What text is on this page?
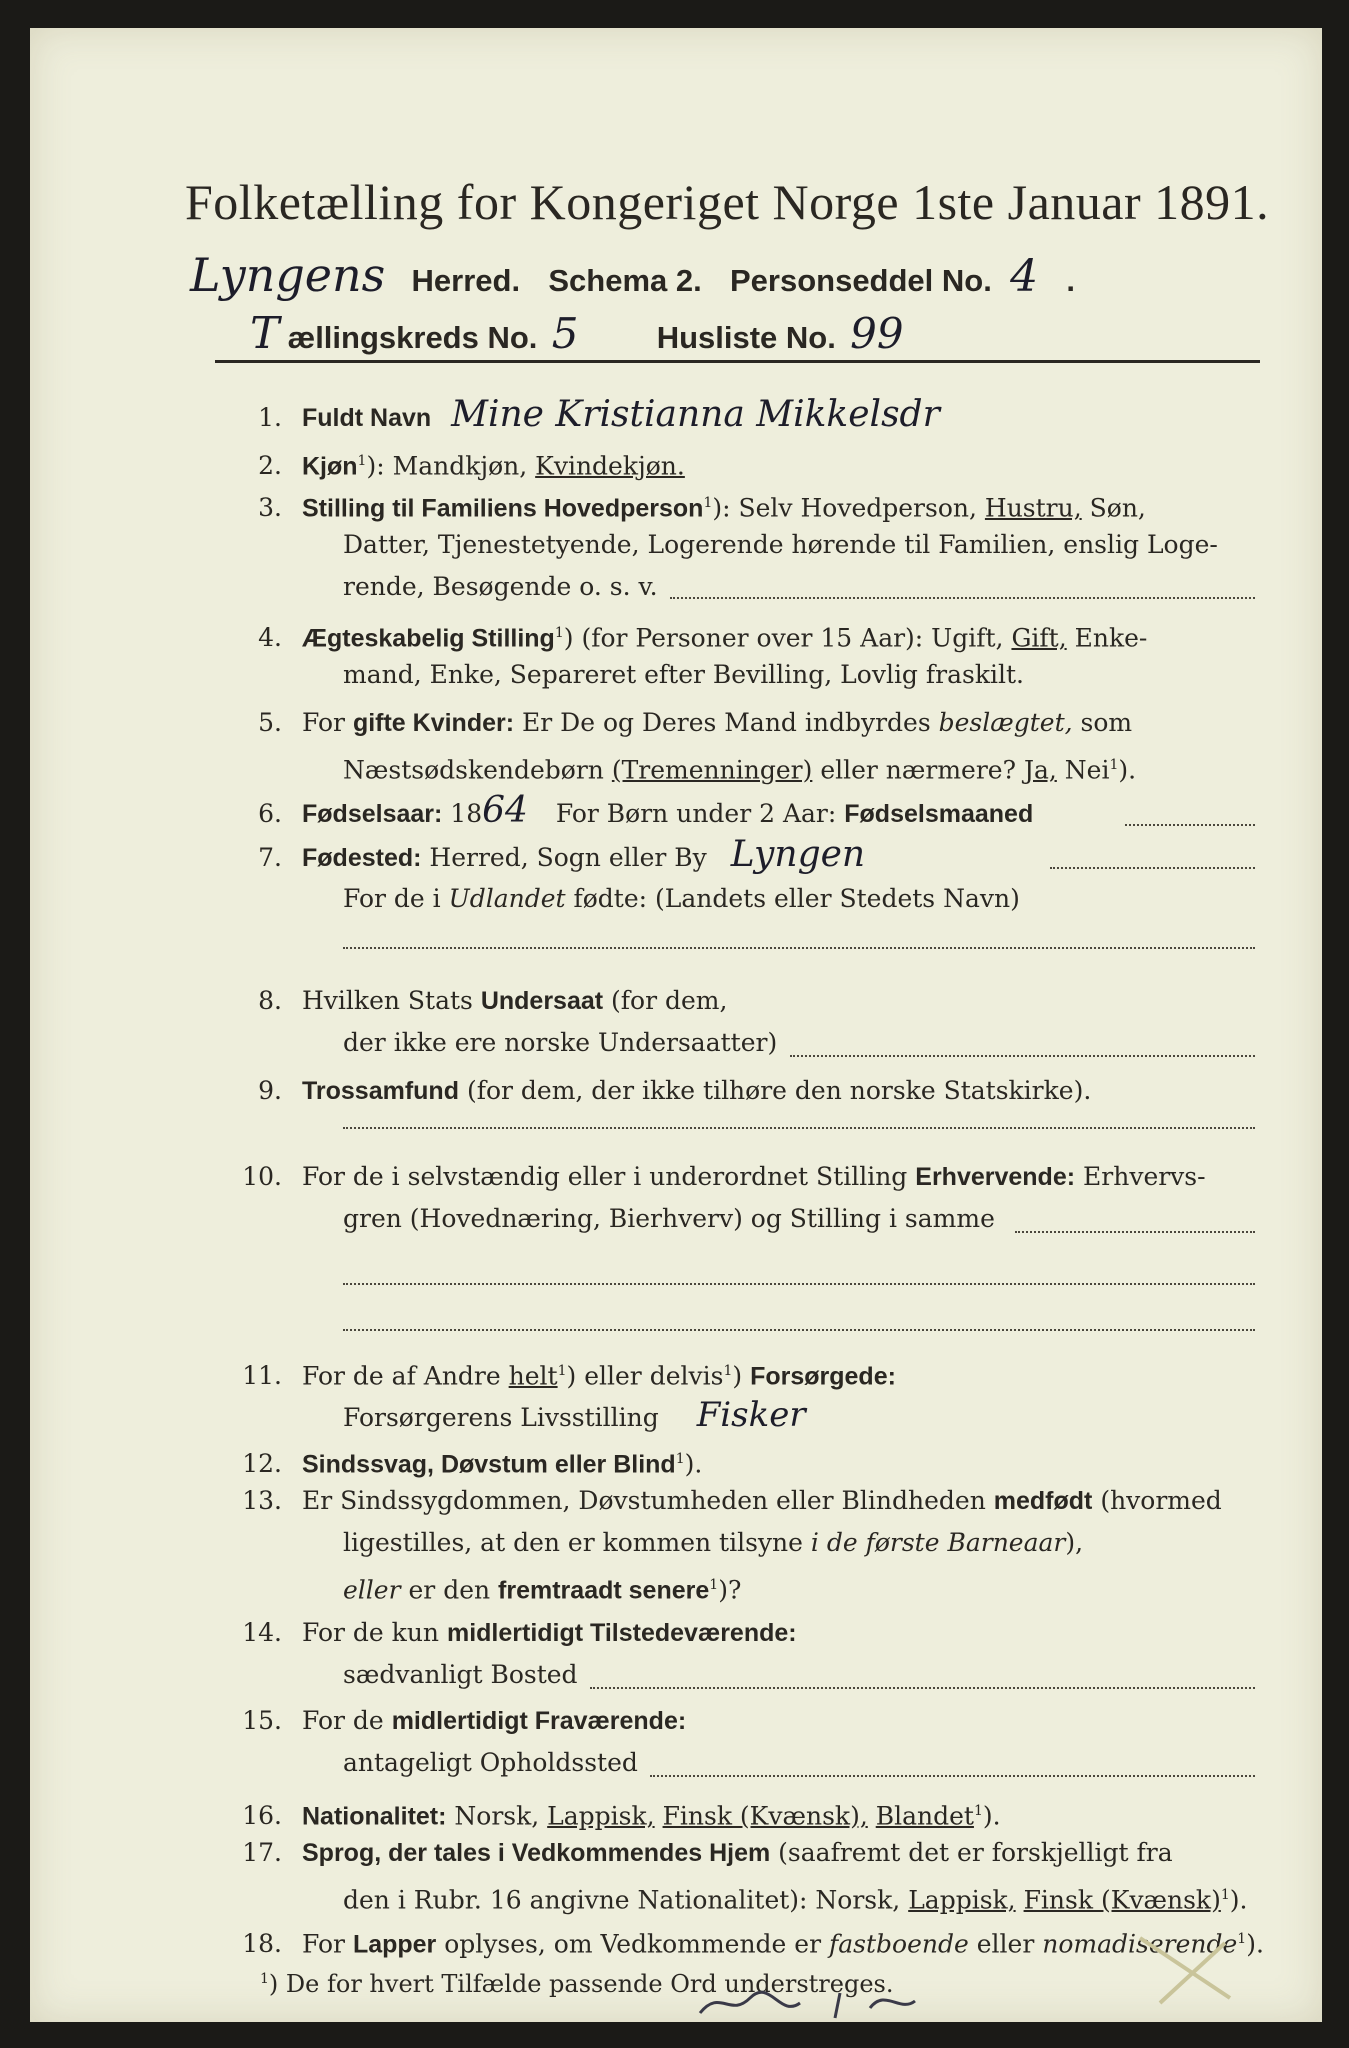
Folketælling for Kongeriget Norge 1ste Januar 1891.
Lyngens Herred. Schema 2. Personseddel No. 4 .
T ællingskreds No. 5	Husliste No. 99
1. Fuldt Navn Mine Kristianna Mikkelsdr
2. Kjøn$^1$): Mandkjøn, Kvindekjøn.
3. Stilling til Familiens Hovedperson$^1$): Selv Hovedperson, Hustru, Søn,
Datter, Tjenestetyende, Logerende hørende til Familien, enslig Loge-
rende, Besøgende o. s. v.
4. Ægteskabelig Stilling$^1$) (for Personer over 15 Aar): Ugift, Gift, Enke-
mand, Enke, Separeret efter Bevilling, Lovlig fraskilt.
5. For gifte Kvinder: Er De og Deres Mand indbyrdes beslægtet, som
Næstsødskendebørn (Tremenninger) eller nærmere? Ja, Nei$^1$).
6. Fødselsaar: 1864 For Børn under 2 Aar: Fødselsmaaned
7. Fødested: Herred, Sogn eller By Lyngen
For de i Udlandet fødte: (Landets eller Stedets Navn)
8. Hvilken Stats Undersaat (for dem,
der ikke ere norske Undersaatter)
9. Trossamfund (for dem, der ikke tilhøre den norske Statskirke).
10. For de i selvstændig eller i underordnet Stilling Erhvervende: Erhvervs-
gren (Hovednæring, Bierhverv) og Stilling i samme
11. For de af Andre helt$^1$) eller delvis$^1$) Forsørgede:
Forsørgerens Livsstilling Fisker
12. Sindssvag, Døvstum eller Blind$^1$).
13. Er Sindssygdommen, Døvstumheden eller Blindheden medfødt (hvormed
ligestilles, at den er kommen tilsyne i de første Barneaar),
eller er den fremtraadt senere$^1$)?
14. For de kun midlertidigt Tilstedeværende:
sædvanligt Bosted
15. For de midlertidigt Fraværende:
antageligt Opholdssted
16. Nationalitet: Norsk, Lappisk, Finsk (Kvænsk), Blandet$^1$).
17. Sprog, der tales i Vedkommendes Hjem (saafremt det er forskjelligt fra
den i Rubr. 16 angivne Nationalitet): Norsk, Lappisk, Finsk (Kvænsk)$^1$).
18. For Lapper oplyses, om Vedkommende er fastboende eller nomadiserende$^1$).
$^1$) De for hvert Tilfælde passende Ord understreges.
